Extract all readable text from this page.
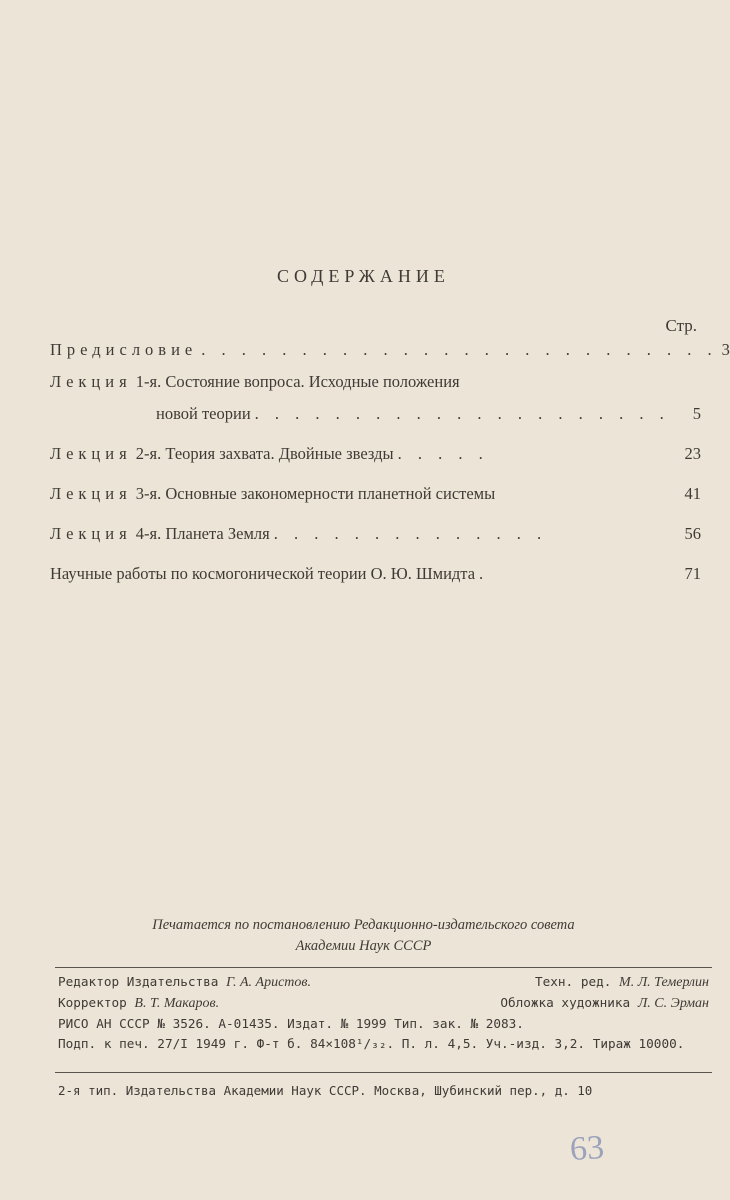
СОДЕРЖАНИЕ
Стр.
Предисловие . . . . . . . . . . . . . . . . . . . . . . . . . . 3
Лекция 1-я. Состояние вопроса. Исходные положения
новой теории . . . . . . . . . . . . . . . . . . . . .	5
Лекция 2-я. Теория захвата. Двойные звезды . . . . .	23
Лекция 3-я. Основные закономерности планетной системы	41
Лекция 4-я. Планета Земля . . . . . . . . . . . . . .	56
Научные работы по космогонической теории О. Ю. Шмидта .	71
Печатается по постановлению Редакционно-издательского совета
Академии Наук СССР
Редактор Издательства Г. А. Аристов.	Техн. ред. М. Л. Темерлин
Корректор В. Т. Макаров.	Обложка художника Л. С. Эрман
РИСО АН СССР № 3526. А-01435. Издат. № 1999 Тип. зак. № 2083.
Подп. к печ. 27/I 1949 г. Ф-т б. 84×108¹/₃₂. П. л. 4,5. Уч.-изд. 3,2. Тираж 10000.
2-я тип. Издательства Академии Наук СССР. Москва, Шубинский пер., д. 10
63
